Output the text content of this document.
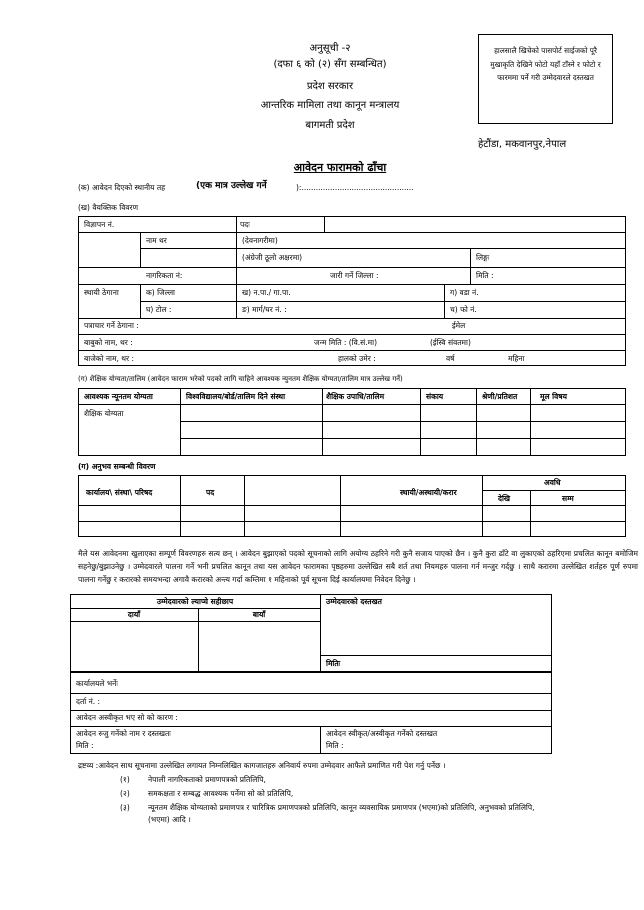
अनुसूची -२
(दफा ६ को (२) सँग सम्बन्धित)
प्रदेश सरकार
आन्तरिक मामिला तथा कानून मन्त्रालय
बागमती प्रदेश
हालसालै खिचेको पासपोर्ट साईजको पूरै मुखाकृति देखिने फोटो यहाँ टाँस्ने र फोटो र फारममा पर्ने गरी उम्मेदवारले दस्तखत
हेटौंडा, मकवानपुर,नेपाल
आवेदन फारामको ढाँचा
(क) आवेदन दिएको स्थानीय तह	(एक मात्र उल्लेख गर्ने	):...............................................
(ख) वैयक्तिक विवरण
विज्ञापन नं.	पदः
नाम थर	(देवनागरीमा)
(अंग्रेजी ठूलो अक्षरमा)	लिङ्गः
नागरिकता नं:	जारी गर्ने जिल्ला :	मिति :
स्थायी ठेगाना	क) जिल्ला	ख) न.पा./ गा.पा.	ग) वडा नं.
घ) टोल :	ङ) मार्ग/घर नं. :	च) फो नं.
पत्राचार गर्ने ठेगाना :	ईमेल
बाबुको नाम, थर :	जन्म मिति : (वि.सं.मा)	(ईस्वि संवतमा)
बाजेको नाम, थर :	हालको उमेर :	वर्ष	महिना
(ग) शैक्षिक योग्यता/तालिम (आवेदन फाराम भरेको पदको लागि चाहिने आवश्यक न्युनतम शैक्षिक योग्यता/तालिम मात्र उल्लेख गर्ने)
आवश्यक न्यूनतम योग्यता	विश्वविद्यालय/बोर्ड/तालिम दिने संस्था	शैक्षिक उपाधि/तालिम	संकाय	श्रेणी/प्रतिशत	मूल विषय
शैक्षिक योग्यता
(ग) अनुभव सम्बन्धी विवरण
कार्यालय\ संस्था\ परिषद	पद	स्थायी/अस्थायी/करार
अवधि
देखि	सम्म
मैले यस आवेदनमा खुलाएका सम्पूर्ण विवरणहरु सत्य छन् । आवेदन बुझाएको पदको सूचनाको लागि अयोग्य ठहरिने गरी कुनै सजाय पाएको छैन । कुनै कुरा ढाँटे वा लुकाएको ठहरिएमा प्रचलित कानून बमोजिम सहनेछु/बुझाउनेछु । उम्मेदवारले पालना गर्ने भनी प्रचलित कानून तथा यस आवेदन फारामका पृष्ठहरुमा उल्लेखित सबै शर्त तथा नियमहरु पालना गर्न मन्जुर गर्दछु । साथै करारमा उल्लेखित शर्तहरु पूर्ण रुपमा पालना गर्नेछु र करारको समयभन्दा अगावै करारको अन्त्य गर्दा कम्तिमा १ महिनाको पूर्व सूचना दिई कार्यालयमा निवेदन दिनेछु ।
उम्मेदवारको ल्याप्चे सहीछाप
दायाँ	बायाँ
उम्मेदवारको दस्तखत
मितिः
कार्यालयले भर्नेः
दर्ता नं. :
आवेदन अस्वीकृत भए सो को कारण :
आवेदन रुजु गर्नेको नाम र दस्तखतः	आवेदन स्वीकृत/अस्वीकृत गर्नेको दस्तखत
मिति :	मिति :
द्रष्टव्य :आवेदन साथ सूचनामा उल्लेखित लगायत निम्नलिखित कागजातहरु अनिवार्य रुपमा उम्मेदवार आफैले प्रमाणित गरी पेश गर्नु पर्नेछ ।
(१) नेपाली नागरिकताको प्रमाणपत्रको प्रतिलिपि,
(२) समकक्षता र सम्बद्ध आवश्यक पर्नेमा सो को प्रतिलिपि,
(३) न्यूनतम शैक्षिक योग्यताको प्रमाणपत्र र चारित्रिक प्रमाणपत्रको प्रतिलिपि, कानून व्यवसायिक प्रमाणपत्र (भएमा)को प्रतिलिपि, अनुभवको प्रतिलिपि,(भएमा) आदि ।
